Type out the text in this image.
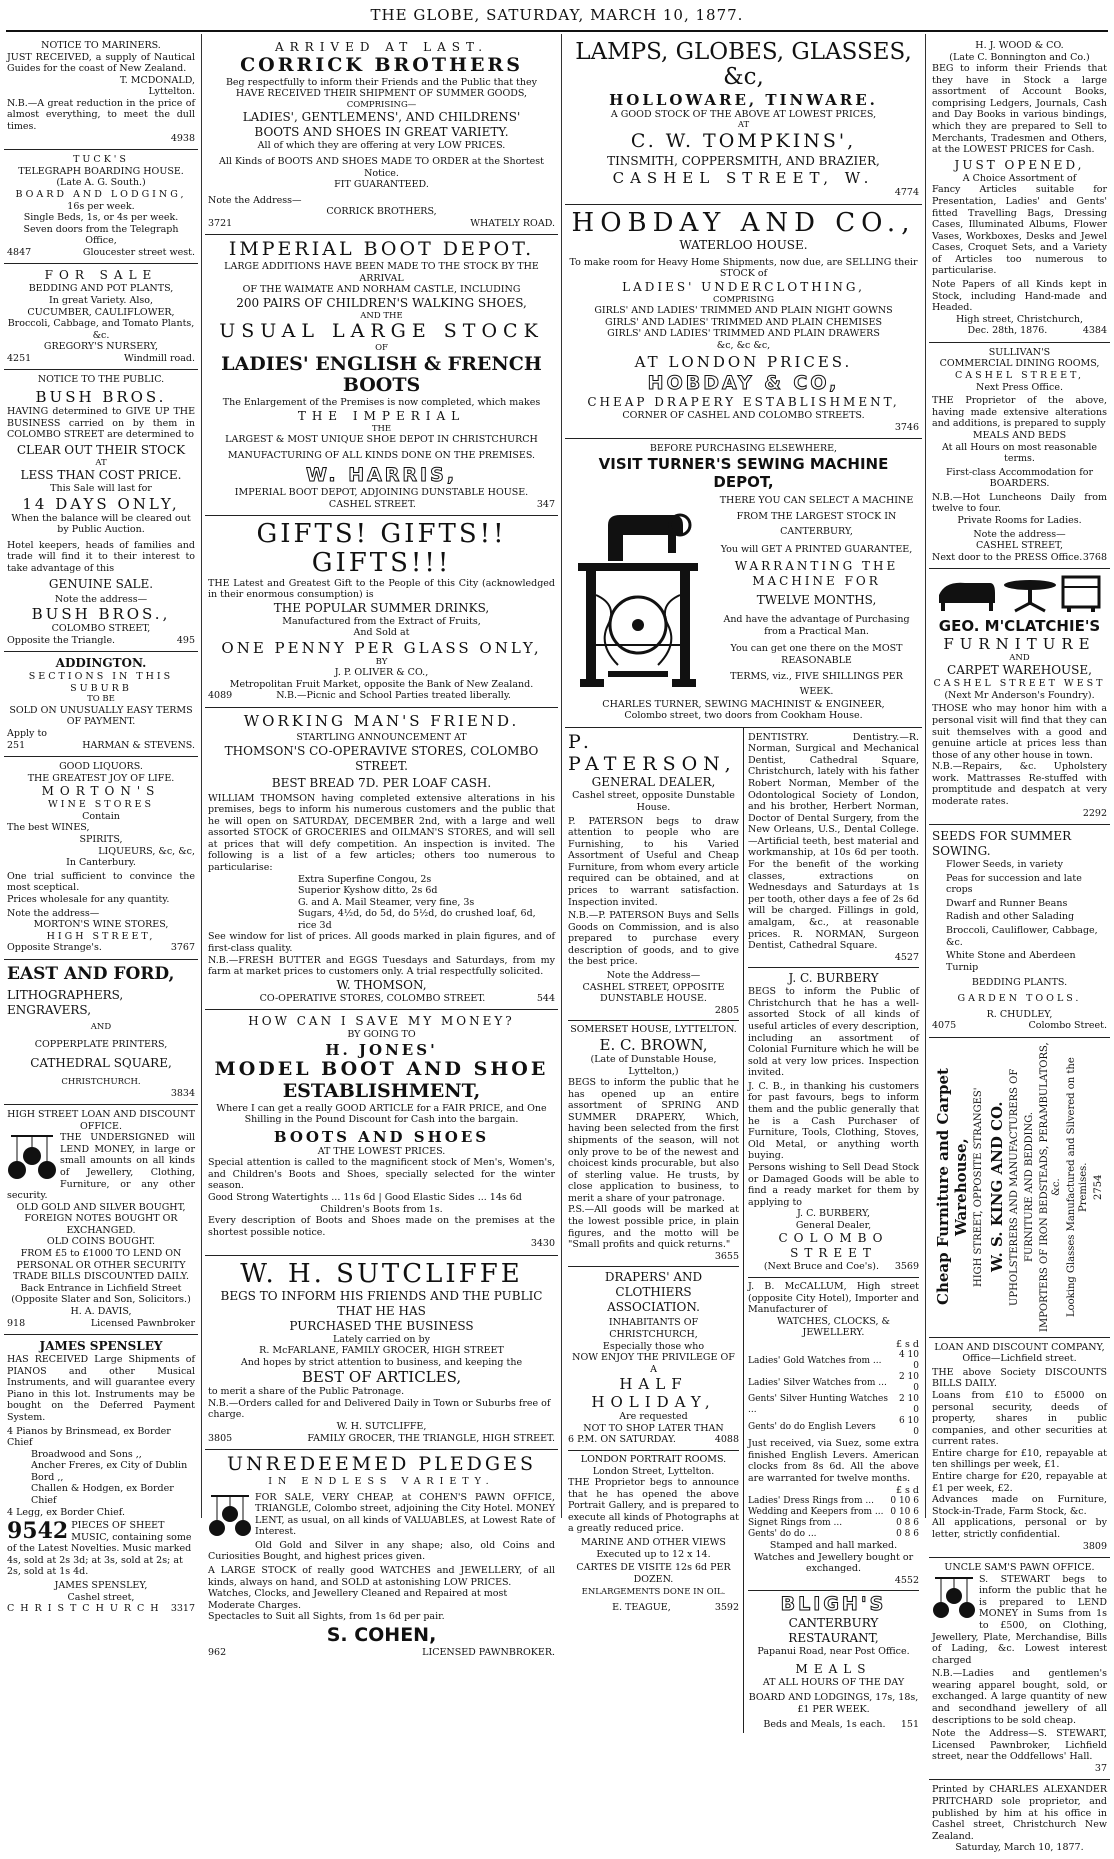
THE GLOBE, SATURDAY, MARCH 10, 1877.
NOTICE TO MARINERS.
JUST RECEIVED, a supply of Nautical Guides for the coast of New Zealand.
T. MCDONALD,
Lyttelton.
N.B.—A great reduction in the price of almost everything, to meet the dull times.
4938
TUCK'S
TELEGRAPH BOARDING HOUSE.
(Late A. G. South.)
BOARD AND LODGING,
16s per week.
Single Beds, 1s, or 4s per week.
Seven doors from the Telegraph Office,
4847	Gloucester street west.
FOR SALE
BEDDING AND POT PLANTS,
In great Variety. Also,
CUCUMBER, CAULIFLOWER,
Broccoli, Cabbage, and Tomato Plants, &c.
GREGORY'S NURSERY,
4251	Windmill road.
NOTICE TO THE PUBLIC.
BUSH BROS.
HAVING determined to GIVE UP THE BUSINESS carried on by them in COLOMBO STREET are determined to
CLEAR OUT THEIR STOCK
AT
LESS THAN COST PRICE.
This Sale will last for
14 DAYS ONLY,
When the balance will be cleared out by Public Auction.
Hotel keepers, heads of families and trade will find it to their interest to take advantage of this
GENUINE SALE.
Note the address—
BUSH BROS.,
COLOMBO STREET,
Opposite the Triangle.	495
ADDINGTON.
SECTIONS IN THIS SUBURB
TO BE
SOLD ON UNUSUALLY EASY TERMS
OF PAYMENT.
Apply to
251	HARMAN & STEVENS.
GOOD LIQUORS.
THE GREATEST JOY OF LIFE.
MORTON'S
WINE STORES
Contain
The best WINES,
SPIRITS,
LIQUEURS, &c, &c,
In Canterbury.
One trial sufficient to convince the most sceptical.
Prices wholesale for any quantity.
Note the address—
MORTON'S WINE STORES,
HIGH STREET,
Opposite Strange's.	3767
EAST AND FORD,
LITHOGRAPHERS, ENGRAVERS,
AND
COPPERPLATE PRINTERS,
CATHEDRAL SQUARE,
CHRISTCHURCH.
3834
HIGH STREET LOAN AND DISCOUNT OFFICE.
THE UNDERSIGNED will LEND MONEY, in large or small amounts on all kinds of Jewellery, Clothing, Furniture, or any other security.
OLD GOLD AND SILVER BOUGHT, FOREIGN NOTES BOUGHT OR EXCHANGED.
OLD COINS BOUGHT.
FROM £5 to £1000 TO LEND ON PERSONAL OR OTHER SECURITY
TRADE BILLS DISCOUNTED DAILY.
Back Entrance in Lichfield Street
(Opposite Slater and Son, Solicitors.)
H. A. DAVIS,
918	Licensed Pawnbroker
JAMES SPENSLEY
HAS RECEIVED Large Shipments of PIANOS and other Musical Instruments, and will guarantee every Piano in this lot. Instruments may be bought on the Deferred Payment System.
4 Pianos by Brinsmead, ex Border Chief
Broadwood and Sons ,,
Ancher Freres, ex City of Dublin
Bord ,,
Challen & Hodgen, ex Border Chief
4 Legg, ex Border Chief.
9542 PIECES OF SHEET MUSIC, containing some of the Latest Novelties. Music marked 4s, sold at 2s 3d; at 3s, sold at 2s; at 2s, sold at 1s 4d.
JAMES SPENSLEY,
Cashel street,
CHRISTCHURCH 3317
ARRIVED AT LAST.
CORRICK BROTHERS
Beg respectfully to inform their Friends and the Public that they
HAVE RECEIVED THEIR SHIPMENT OF SUMMER GOODS,
COMPRISING—
LADIES', GENTLEMENS', AND CHILDRENS'
BOOTS AND SHOES IN GREAT VARIETY.
All of which they are offering at very LOW PRICES.
All Kinds of BOOTS AND SHOES MADE TO ORDER at the Shortest Notice.
FIT GUARANTEED.
Note the Address—
CORRICK BROTHERS,
3721	WHATELY ROAD.
IMPERIAL BOOT DEPOT.
LARGE ADDITIONS HAVE BEEN MADE TO THE STOCK BY THE ARRIVAL
OF THE WAIMATE AND NORHAM CASTLE, INCLUDING
200 PAIRS OF CHILDREN'S WALKING SHOES,
AND THE
USUAL LARGE STOCK
OF
LADIES' ENGLISH & FRENCH BOOTS
The Enlargement of the Premises is now completed, which makes
THE IMPERIAL
THE
LARGEST & MOST UNIQUE SHOE DEPOT IN CHRISTCHURCH
MANUFACTURING OF ALL KINDS DONE ON THE PREMISES.
W. HARRIS,
IMPERIAL BOOT DEPOT, ADJOINING DUNSTABLE HOUSE.
CASHEL STREET.	347
GIFTS! GIFTS!! GIFTS!!!
THE Latest and Greatest Gift to the People of this City (acknowledged in their enormous consumption) is
THE POPULAR SUMMER DRINKS,
Manufactured from the Extract of Fruits,
And Sold at
ONE PENNY PER GLASS ONLY,
BY
J. P. OLIVER & CO.,
Metropolitan Fruit Market, opposite the Bank of New Zealand.
4089	N.B.—Picnic and School Parties treated liberally.
WORKING MAN'S FRIEND.
STARTLING ANNOUNCEMENT AT
THOMSON'S CO-OPERAVIVE STORES, COLOMBO STREET.
BEST BREAD 7D. PER LOAF CASH.
WILLIAM THOMSON having completed extensive alterations in his premises, begs to inform his numerous customers and the public that he will open on SATURDAY, DECEMBER 2nd, with a large and well assorted STOCK of GROCERIES and OILMAN'S STORES, and will sell at prices that will defy competition. An inspection is invited. The following is a list of a few articles; others too numerous to particularise:
Extra Superfine Congou, 2s
Superior Kyshow ditto, 2s 6d
G. and A. Mail Steamer, very fine, 3s
Sugars, 4½d, do 5d, do 5½d, do crushed loaf, 6d, rice 3d
See window for list of prices. All goods marked in plain figures, and of first-class quality.
N.B.—FRESH BUTTER and EGGS Tuesdays and Saturdays, from my farm at market prices to customers only. A trial respectfully solicited.
W. THOMSON,
CO-OPERATIVE STORES, COLOMBO STREET.	544
HOW CAN I SAVE MY MONEY?
BY GOING TO
H. JONES'
MODEL BOOT AND SHOE
ESTABLISHMENT,
Where I can get a really GOOD ARTICLE for a FAIR PRICE, and One Shilling in the Pound Discount for Cash into the bargain.
BOOTS AND SHOES
AT THE LOWEST PRICES.
Special attention is called to the magnificent stock of Men's, Women's, and Children's Boots and Shoes, specially selected for the winter season.
Good Strong Watertights ... 11s 6d | Good Elastic Sides ... 14s 6d
Children's Boots from 1s.
Every description of Boots and Shoes made on the premises at the shortest possible notice.
3430
W. H. SUTCLIFFE
BEGS TO INFORM HIS FRIENDS AND THE PUBLIC THAT HE HAS
PURCHASED THE BUSINESS
Lately carried on by
R. McFARLANE, FAMILY GROCER, HIGH STREET
And hopes by strict attention to business, and keeping the
BEST OF ARTICLES,
to merit a share of the Public Patronage.
N.B.—Orders called for and Delivered Daily in Town or Suburbs free of charge.
W. H. SUTCLIFFE,
3805	FAMILY GROCER, THE TRIANGLE, HIGH STREET.
UNREDEEMED PLEDGES
IN ENDLESS VARIETY.
FOR SALE, VERY CHEAP, at COHEN'S PAWN OFFICE, TRIANGLE, Colombo street, adjoining the City Hotel. MONEY LENT, as usual, on all kinds of VALUABLES, at Lowest Rate of Interest.
Old Gold and Silver in any shape; also, old Coins and Curiosities Bought, and highest prices given.
A LARGE STOCK of really good WATCHES and JEWELLERY, of all kinds, always on hand, and SOLD at astonishing LOW PRICES.
Watches, Clocks, and Jewellery Cleaned and Repaired at most Moderate Charges.
Spectacles to Suit all Sights, from 1s 6d per pair.
S. COHEN,
962	LICENSED PAWNBROKER.
LAMPS, GLOBES, GLASSES, &c,
HOLLOWARE, TINWARE.
A GOOD STOCK OF THE ABOVE AT LOWEST PRICES,
AT
C. W. TOMPKINS',
TINSMITH, COPPERSMITH, AND BRAZIER,
CASHEL STREET, W.
4774
HOBDAY AND CO.,
WATERLOO HOUSE.
To make room for Heavy Home Shipments, now due, are SELLING their STOCK of
LADIES' UNDERCLOTHING,
COMPRISING
GIRLS' AND LADIES' TRIMMED AND PLAIN NIGHT GOWNS
GIRLS' AND LADIES' TRIMMED AND PLAIN CHEMISES
GIRLS' AND LADIES' TRIMMED AND PLAIN DRAWERS
&c, &c &c,
AT LONDON PRICES.
HOBDAY & CO,
CHEAP DRAPERY ESTABLISHMENT,
CORNER OF CASHEL AND COLOMBO STREETS.
3746
BEFORE PURCHASING ELSEWHERE,
VISIT TURNER'S SEWING MACHINE DEPOT,
THERE YOU CAN SELECT A MACHINE
FROM THE LARGEST STOCK IN
CANTERBURY,
You will GET A PRINTED GUARANTEE,
WARRANTING THE MACHINE FOR
TWELVE MONTHS,
And have the advantage of Purchasing from a Practical Man.
You can get one there on the MOST REASONABLE
TERMS, viz., FIVE SHILLINGS PER
WEEK.
CHARLES TURNER, SEWING MACHINIST & ENGINEER,
Colombo street, two doors from Cookham House.
P. PATERSON,
GENERAL DEALER,
Cashel street, opposite Dunstable House.
P. PATERSON begs to draw attention to people who are Furnishing, to his Varied Assortment of Useful and Cheap Furniture, from whom every article required can be obtained, and at prices to warrant satisfaction. Inspection invited.
N.B.—P. PATERSON Buys and Sells Goods on Commission, and is also prepared to purchase every description of goods, and to give the best price.
Note the Address—
CASHEL STREET, OPPOSITE DUNSTABLE HOUSE.
2805
SOMERSET HOUSE, LYTTELTON.
E. C. BROWN,
(Late of Dunstable House, Lyttelton,)
BEGS to inform the public that he has opened up an entire assortment of SPRING AND SUMMER DRAPERY, Which, having been selected from the first shipments of the season, will not only prove to be of the newest and choicest kinds procurable, but also of sterling value. He trusts, by close application to business, to merit a share of your patronage.
P.S.—All goods will be marked at the lowest possible price, in plain figures, and the motto will be "Small profits and quick returns."
3655
DRAPERS' AND CLOTHIERS ASSOCIATION.
INHABITANTS OF CHRISTCHURCH,
Especially those who
NOW ENJOY THE PRIVILEGE OF A
HALF HOLIDAY,
Are requested
NOT TO SHOP LATER THAN
6 P.M. ON SATURDAY.	4088
LONDON PORTRAIT ROOMS.
London Street, Lyttelton.
THE Proprietor begs to announce that he has opened the above Portrait Gallery, and is prepared to execute all kinds of Photographs at a greatly reduced price.
MARINE AND OTHER VIEWS
Executed up to 12 x 14.
CARTES DE VISITE 12s 6d PER DOZEN.
ENLARGEMENTS DONE IN OIL.
E. TEAGUE,	3592
DENTISTRY. Dentistry.—R. Norman, Surgical and Mechanical Dentist, Cathedral Square, Christchurch, lately with his father Robert Norman, Member of the Odontological Society of London, and his brother, Herbert Norman, Doctor of Dental Surgery, from the New Orleans, U.S., Dental College.—Artificial teeth, best material and workmanship, at 10s 6d per tooth. For the benefit of the working classes, extractions on Wednesdays and Saturdays at 1s per tooth, other days a fee of 2s 6d will be charged. Fillings in gold, amalgam, &c., at reasonable prices. R. NORMAN, Surgeon Dentist, Cathedral Square.
4527
J. C. BURBERY
BEGS to inform the Public of Christchurch that he has a well-assorted Stock of all kinds of useful articles of every description, including an assortment of Colonial Furniture which he will be sold at very low prices. Inspection invited.
J. C. B., in thanking his customers for past favours, begs to inform them and the public generally that he is a Cash Purchaser of Furniture, Tools, Clothing, Stoves, Old Metal, or anything worth buying.
Persons wishing to Sell Dead Stock or Damaged Goods will be able to find a ready market for them by applying to
J. C. BURBERY,
General Dealer,
COLOMBO STREET
(Next Bruce and Coe's).	3569
J. B. McCALLUM, High street (opposite City Hotel), Importer and Manufacturer of
WATCHES, CLOCKS, & JEWELLERY.
£ s d
Ladies' Gold Watches from ...	4 10 0
Ladies' Silver Watches from ...	2 10 0
Gents' Silver Hunting Watches ...	2 10 0
Gents' do do English Levers	6 10 0
Just received, via Suez, some extra finished English Levers. American clocks from 8s 6d. All the above are warranted for twelve months.
£ s d
Ladies' Dress Rings from ...	0 10 6
Wedding and Keepers from ...	0 10 6
Signet Rings from ...	0 8 6
Gents' do do ...	0 8 6
Stamped and hall marked.
Watches and Jewellery bought or exchanged.
4552
BLIGH'S
CANTERBURY RESTAURANT,
Papanui Road, near Post Office.
MEALS
AT ALL HOURS OF THE DAY
BOARD AND LODGINGS, 17s, 18s, £1 PER WEEK.
Beds and Meals, 1s each.	151
H. J. WOOD & CO.
(Late C. Bonnington and Co.)
BEG to inform their Friends that they have in Stock a large assortment of Account Books, comprising Ledgers, Journals, Cash and Day Books in various bindings, which they are prepared to Sell to Merchants, Tradesmen and Others, at the LOWEST PRICES for Cash.
JUST OPENED,
A Choice Assortment of
Fancy Articles suitable for Presentation, Ladies' and Gents' fitted Travelling Bags, Dressing Cases, Illuminated Albums, Flower Vases, Workboxes, Desks and Jewel Cases, Croquet Sets, and a Variety of Articles too numerous to particularise.
Note Papers of all Kinds kept in Stock, including Hand-made and Headed.
High street, Christchurch,
Dec. 28th, 1876.	4384
SULLIVAN'S
COMMERCIAL DINING ROOMS,
CASHEL STREET,
Next Press Office.
THE Proprietor of the above, having made extensive alterations and additions, is prepared to supply
MEALS AND BEDS
At all Hours on most reasonable terms.
First-class Accommodation for BOARDERS.
N.B.—Hot Luncheons Daily from twelve to four.
Private Rooms for Ladies.
Note the address—
CASHEL STREET,
Next door to the PRESS Office. 3768
GEO. M'CLATCHIE'S
FURNITURE
AND
CARPET WAREHOUSE,
CASHEL STREET WEST
(Next Mr Anderson's Foundry).
THOSE who may honor him with a personal visit will find that they can suit themselves with a good and genuine article at prices less than those of any other house in town.
N.B.—Repairs, &c. Upholstery work. Mattrasses Re-stuffed with promptitude and despatch at very moderate rates.
2292
SEEDS FOR SUMMER SOWING.
Flower Seeds, in variety
Peas for succession and late crops
Dwarf and Runner Beans
Radish and other Salading
Broccoli, Cauliflower, Cabbage, &c.
White Stone and Aberdeen Turnip
BEDDING PLANTS.
GARDEN TOOLS.
R. CHUDLEY,
4075	Colombo Street.
Cheap Furniture and Carpet Warehouse, HIGH STREET, OPPOSITE STRANGES' W. S. KING AND CO. UPHOLSTERERS AND MANUFACTURERS OF FURNITURE AND BEDDING. IMPORTERS OF IRON BEDSTEADS, PERAMBULATORS, &c. Looking Glasses Manufactured and Silvered on the Premises. 2754
LOAN AND DISCOUNT COMPANY,
Office—Lichfield street.
THE above Society DISCOUNTS BILLS DAILY.
Loans from £10 to £5000 on personal security, deeds of property, shares in public companies, and other securities at current rates.
Entire charge for £10, repayable at ten shillings per week, £1.
Entire charge for £20, repayable at £1 per week, £2.
Advances made on Furniture, Stock-in-Trade, Farm Stock, &c.
All applications, personal or by letter, strictly confidential.
3809
UNCLE SAM'S PAWN OFFICE.
S. STEWART begs to inform the public that he is prepared to LEND MONEY in Sums from 1s to £500, on Clothing, Jewellery, Plate, Merchandise, Bills of Lading, &c. Lowest interest charged
N.B.—Ladies and gentlemen's wearing apparel bought, sold, or exchanged. A large quantity of new and secondhand jewellery of all descriptions to be sold cheap.
Note the Address—S. STEWART, Licensed Pawnbroker, Lichfield street, near the Oddfellows' Hall.
37
Printed by CHARLES ALEXANDER PRITCHARD sole proprietor, and published by him at his office in Cashel street, Christchurch New Zealand.
Saturday, March 10, 1877.
